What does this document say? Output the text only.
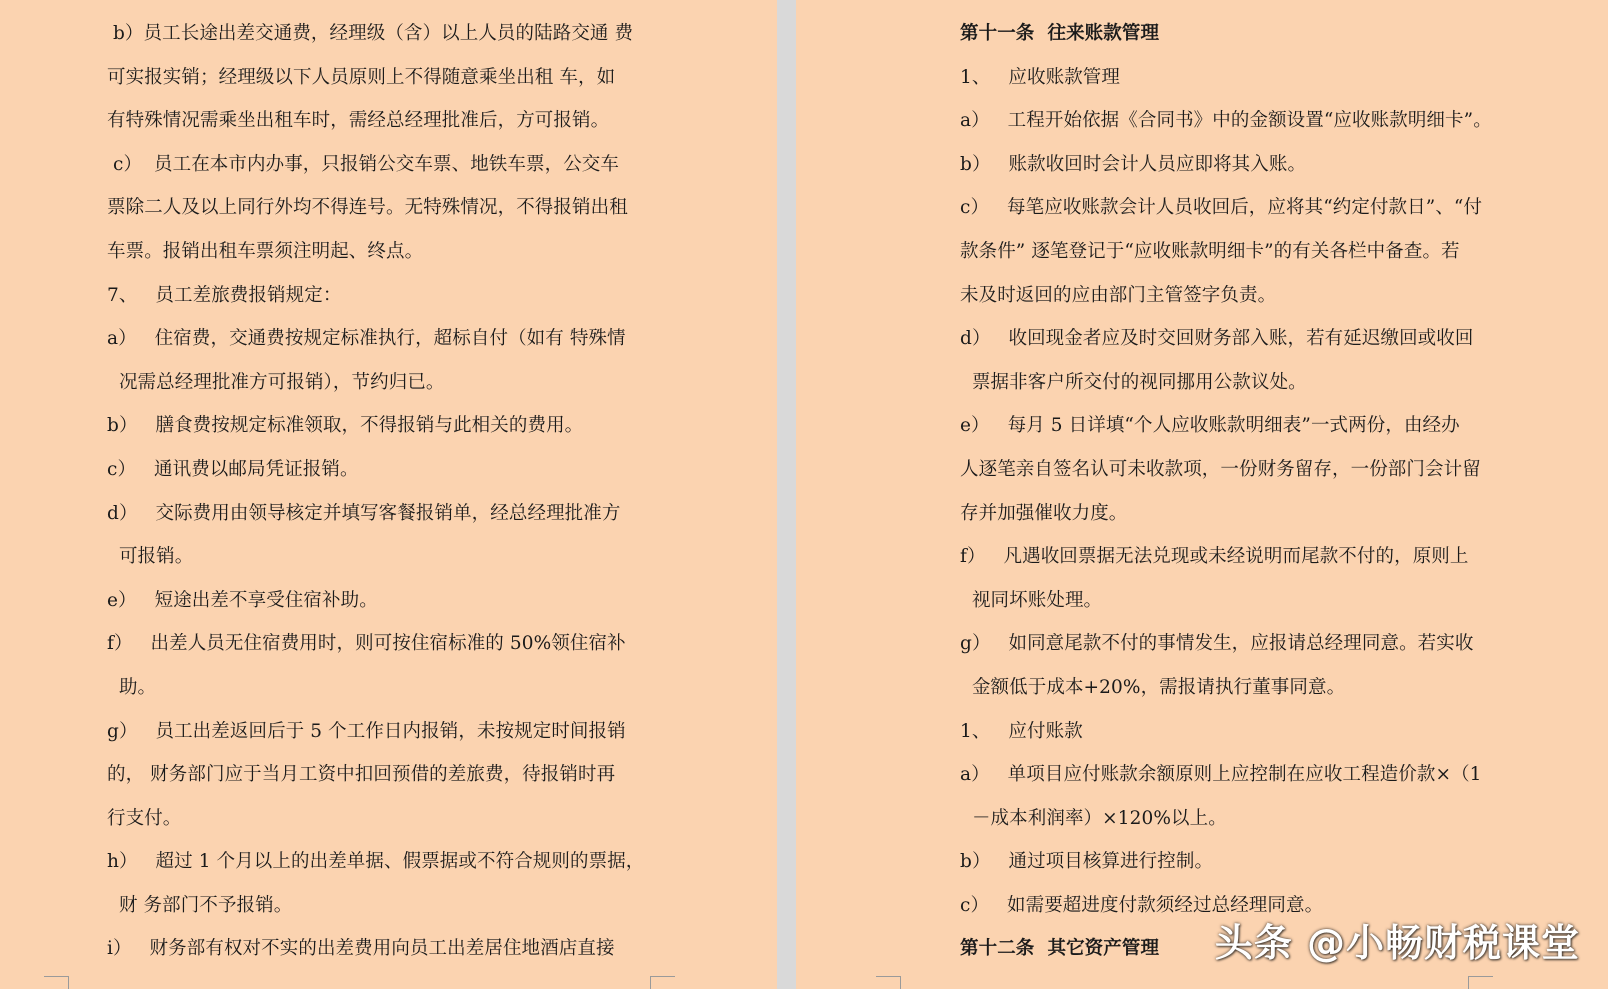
b）员工长途出差交通费，经理级（含）以上人员的陆路交通 费
可实报实销；经理级以下人员原则上不得随意乘坐出租 车，如
有特殊情况需乘坐出租车时，需经总经理批准后，方可报销。
c）  员工在本市内办事，只报销公交车票、地铁车票，公交车
票除二人及以上同行外均不得连号。无特殊情况，不得报销出租
车票。报销出租车票须注明起、终点。
7、   员工差旅费报销规定：
a）   住宿费，交通费按规定标准执行，超标自付（如有 特殊情
况需总经理批准方可报销），节约归已。
b）   膳食费按规定标准领取，不得报销与此相关的费用。
c）   通讯费以邮局凭证报销。
d）   交际费用由领导核定并填写客餐报销单，经总经理批准方
可报销。
e）   短途出差不享受住宿补助。
f）   出差人员无住宿费用时，则可按住宿标准的 50%领住宿补
助。
g）   员工出差返回后于 5 个工作日内报销，未按规定时间报销
的， 财务部门应于当月工资中扣回预借的差旅费，待报销时再
行支付。
h）   超过 1 个月以上的出差单据、假票据或不符合规则的票据，
财 务部门不予报销。
i）   财务部有权对不实的出差费用向员工出差居住地酒店直接
第十一条  往来账款管理
1、   应收账款管理
a）   工程开始依据《合同书》中的金额设置“应收账款明细卡”。
b）   账款收回时会计人员应即将其入账。
c）   每笔应收账款会计人员收回后，应将其“约定付款日”、“付
款条件” 逐笔登记于“应收账款明细卡”的有关各栏中备查。若
未及时返回的应由部门主管签字负责。
d）   收回现金者应及时交回财务部入账，若有延迟缴回或收回
票据非客户所交付的视同挪用公款议处。
e）   每月 5 日详填“个人应收账款明细表”一式两份，由经办
人逐笔亲自签名认可未收款项，一份财务留存，一份部门会计留
存并加强催收力度。
f）   凡遇收回票据无法兑现或未经说明而尾款不付的，原则上
视同坏账处理。
g）   如同意尾款不付的事情发生，应报请总经理同意。若实收
金额低于成本+20%，需报请执行董事同意。
1、   应付账款
a）   单项目应付账款余额原则上应控制在应收工程造价款×（1
－成本利润率）×120%以上。
b）   通过项目核算进行控制。
c）   如需要超进度付款须经过总经理同意。
第十二条  其它资产管理	头条 @小畅财税课堂
